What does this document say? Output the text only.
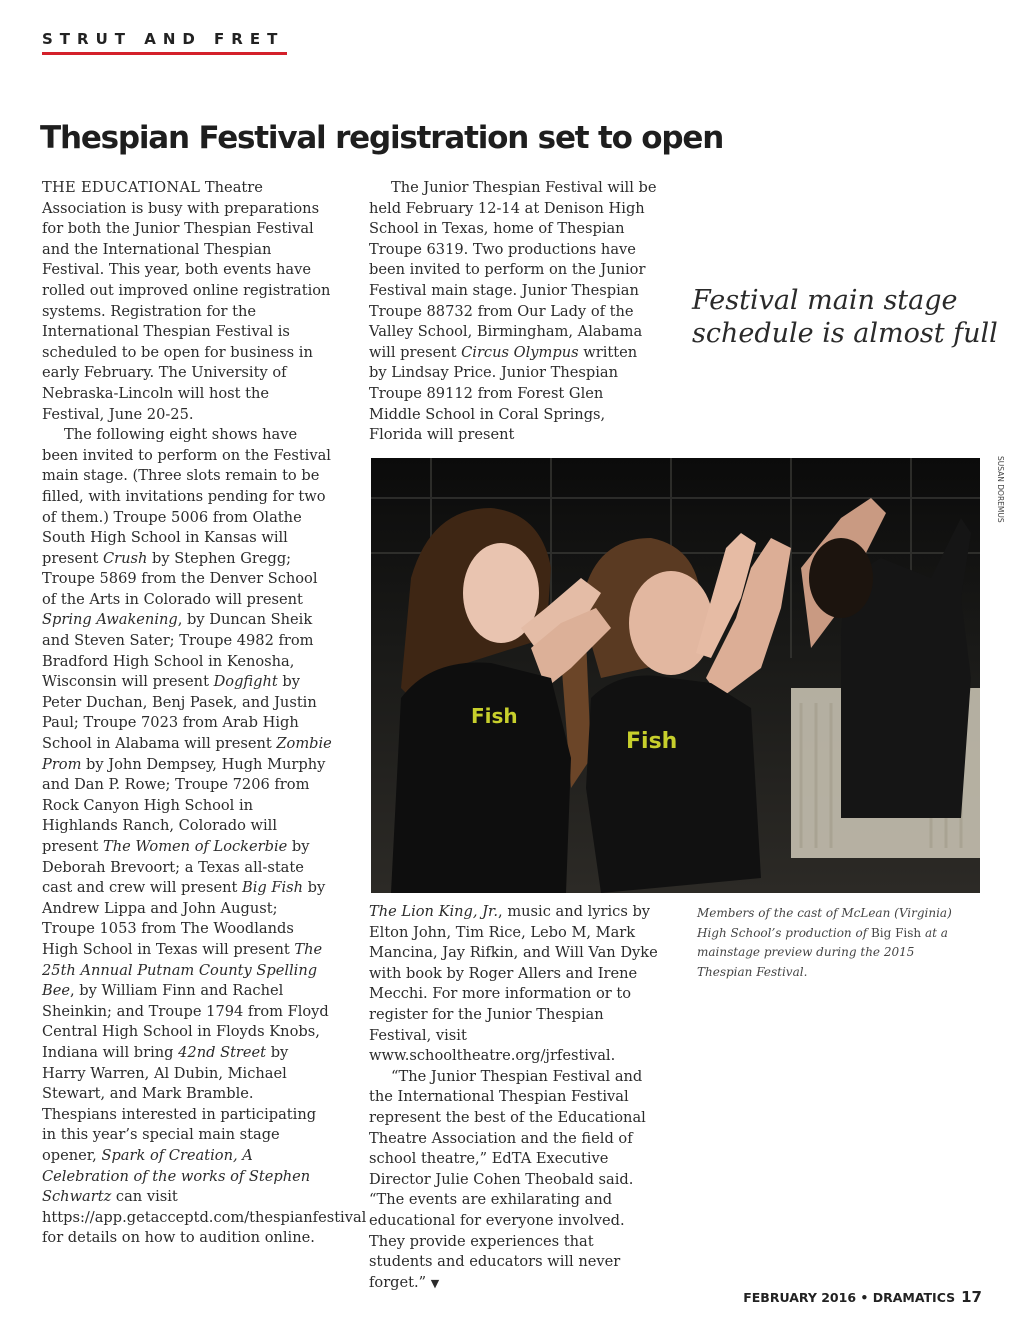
STRUT AND FRET
Thespian Festival registration set to open

THE EDUCATIONAL Theatre Association is busy with preparations for both the Junior Thespian Festival and the International Thespian Festival. This year, both events have rolled out improved online registration systems. Registration for the International Thespian Festival is scheduled to be open for business in early February. The University of Nebraska-Lincoln will host the Festival, June 20-25.

The following eight shows have been invited to perform on the Festival main stage. (Three slots remain to be filled, with invitations pending for two of them.) Troupe 5006 from Olathe South High School in Kansas will present Crush by Stephen Gregg; Troupe 5869 from the Denver School of the Arts in Colorado will present Spring Awakening, by Duncan Sheik and Steven Sater; Troupe 4982 from Bradford High School in Kenosha, Wisconsin will present Dogfight by Peter Duchan, Benj Pasek, and Justin Paul; Troupe 7023 from Arab High School in Alabama will present Zombie Prom by John Dempsey, Hugh Murphy and Dan P. Rowe; Troupe 7206 from Rock Canyon High School in Highlands Ranch, Colorado will present The Women of Lockerbie by Deborah Brevoort; a Texas all-state cast and crew will present Big Fish by Andrew Lippa and John August; Troupe 1053 from The Woodlands High School in Texas will present The 25th Annual Putnam County Spelling Bee, by William Finn and Rachel Sheinkin; and Troupe 1794 from Floyd Central High School in Floyds Knobs, Indiana will bring 42nd Street by Harry Warren, Al Dubin, Michael Stewart, and Mark Bramble. Thespians interested in participating in this year’s special main stage opener, Spark of Creation, A Celebration of the works of Stephen Schwartz can visit https://app.getacceptd.com/thespianfestival for details on how to audition online.

The Junior Thespian Festival will be held February 12-14 at Denison High School in Texas, home of Thespian Troupe 6319. Two productions have been invited to perform on the Junior Festival main stage. Junior Thespian Troupe 88732 from Our Lady of the Valley School, Birmingham, Alabama will present Circus Olympus written by Lindsay Price. Junior Thespian Troupe 89112 from Forest Glen Middle School in Coral Springs, Florida will present

Festival main stage schedule is almost full
SUSAN DOREMUS
Fish
Fish

The Lion King, Jr., music and lyrics by Elton John, Tim Rice, Lebo M, Mark Mancina, Jay Rifkin, and Will Van Dyke with book by Roger Allers and Irene Mecchi. For more information or to register for the Junior Thespian Festival, visit www.schooltheatre.org/jrfestival.

“The Junior Thespian Festival and the International Thespian Festival represent the best of the Educational Theatre Association and the field of school theatre,” EdTA Executive Director Julie Cohen Theobald said. “The events are exhilarating and educational for everyone involved. They provide experiences that students and educators will never forget.” ▼

Members of the cast of McLean (Virginia) High School’s production of Big Fish at a mainstage preview during the 2015 Thespian Festival.
FEBRUARY 2016 • DRAMATICS 17
